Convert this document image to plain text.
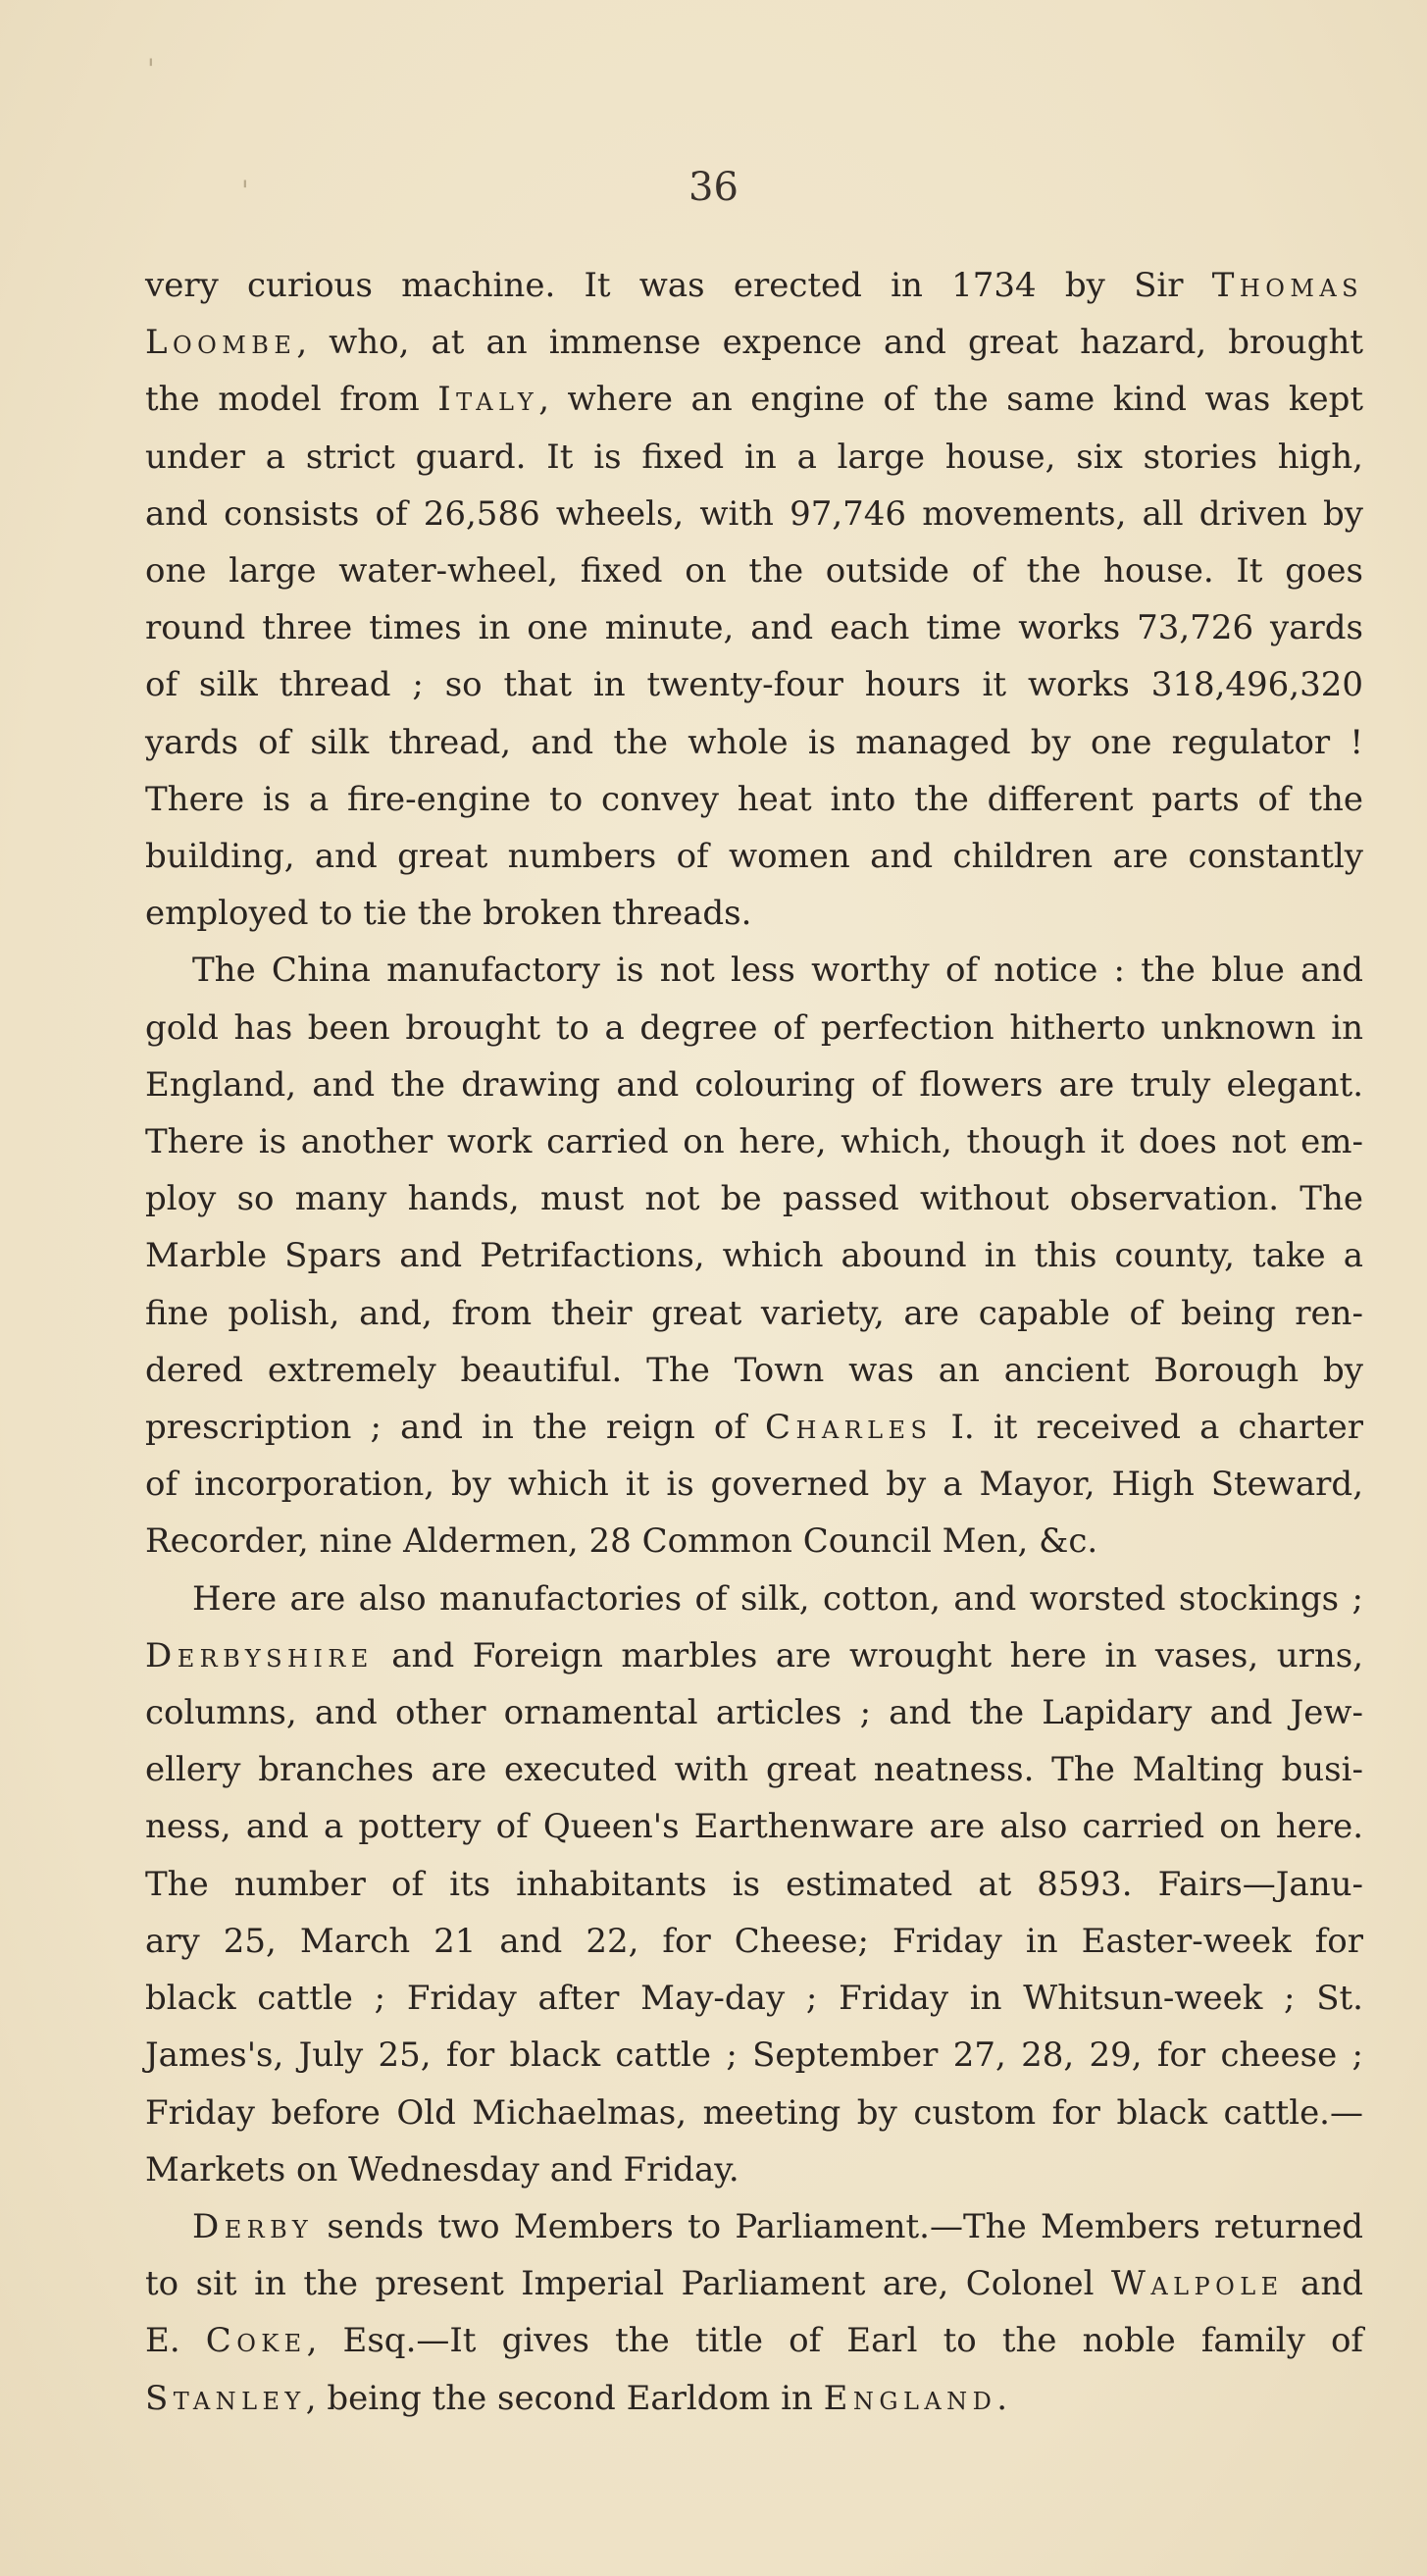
'
'	36
very curious machine. It was erected in 1734 by Sir Thomas
Loombe, who, at an immense expence and great hazard, brought
the model from Italy, where an engine of the same kind was kept
under a strict guard. It is fixed in a large house, six stories high,
and consists of 26,586 wheels, with 97,746 movements, all driven by
one large water-wheel, fixed on the outside of the house. It goes
round three times in one minute, and each time works 73,726 yards
of silk thread ; so that in twenty-four hours it works 318,496,320
yards of silk thread, and the whole is managed by one regulator !
There is a fire-engine to convey heat into the different parts of the
building, and great numbers of women and children are constantly
employed to tie the broken threads.
The China manufactory is not less worthy of notice : the blue and
gold has been brought to a degree of perfection hitherto unknown in
England, and the drawing and colouring of flowers are truly elegant.
There is another work carried on here, which, though it does not em-
ploy so many hands, must not be passed without observation. The
Marble Spars and Petrifactions, which abound in this county, take a
fine polish, and, from their great variety, are capable of being ren-
dered extremely beautiful. The Town was an ancient Borough by
prescription ; and in the reign of Charles I. it received a charter
of incorporation, by which it is governed by a Mayor, High Steward,
Recorder, nine Aldermen, 28 Common Council Men, &c.
Here are also manufactories of silk, cotton, and worsted stockings ;
Derbyshire and Foreign marbles are wrought here in vases, urns,
columns, and other ornamental articles ; and the Lapidary and Jew-
ellery branches are executed with great neatness. The Malting busi-
ness, and a pottery of Queen's Earthenware are also carried on here.
The number of its inhabitants is estimated at 8593. Fairs—Janu-
ary 25, March 21 and 22, for Cheese; Friday in Easter-week for
black cattle ; Friday after May-day ; Friday in Whitsun-week ; St.
James's, July 25, for black cattle ; September 27, 28, 29, for cheese ;
Friday before Old Michaelmas, meeting by custom for black cattle.—
Markets on Wednesday and Friday.
Derby sends two Members to Parliament.—The Members returned
to sit in the present Imperial Parliament are, Colonel Walpole and
E. Coke, Esq.—It gives the title of Earl to the noble family of
Stanley, being the second Earldom in England.
